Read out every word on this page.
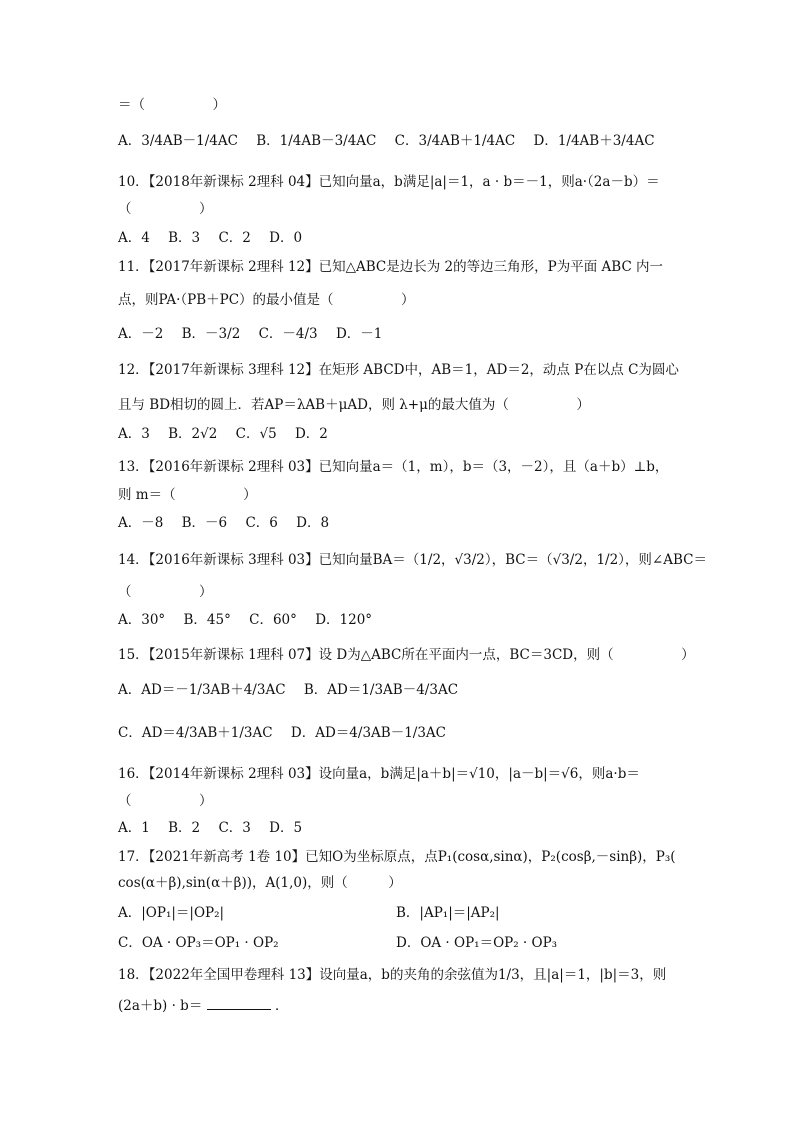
＝（　　　　　）
A．3/4AB－1/4AC B．1/4AB－3/4AC C．3/4AB＋1/4AC D．1/4AB＋3/4AC
10．【2018年新课标 2理科 04】已知向量a，b满足|a|＝1，a · b＝－1，则a·（2a－b）＝
（　　　　　）
A．4 B．3 C．2 D．0
11．【2017年新课标 2理科 12】已知△ABC是边长为 2的等边三角形，P为平面 ABC 内一
点，则PA·（PB＋PC）的最小值是（　　　　　）
A．－2 B．－3/2 C．－4/3 D．－1
12．【2017年新课标 3理科 12】在矩形 ABCD中，AB＝1，AD＝2，动点 P在以点 C为圆心
且与 BD相切的圆上．若AP＝λAB＋μAD，则 λ+μ的最大值为（　　　　　）
A．3 B．2√2 C．√5 D．2
13．【2016年新课标 2理科 03】已知向量a＝（1，m），b＝（3，－2），且（a＋b）⊥b，
则 m＝（　　　　　）
A．－8 B．－6 C．6 D．8
14．【2016年新课标 3理科 03】已知向量BA＝（1/2，√3/2），BC＝（√3/2，1/2），则∠ABC＝
（　　　　　）
A．30° B．45° C．60° D．120°
15．【2015年新课标 1理科 07】设 D为△ABC所在平面内一点，BC＝3CD，则（　　　　　）
A．AD＝－1/3AB＋4/3AC B．AD＝1/3AB－4/3AC
C．AD＝4/3AB＋1/3AC D．AD＝4/3AB－1/3AC
16．【2014年新课标 2理科 03】设向量a，b满足|a＋b|＝√10，|a－b|＝√6，则a·b＝
（　　　　　）
A．1 B．2 C．3 D．5
17．【2021年新高考 1卷 10】已知O为坐标原点，点P₁(cosα,sinα)，P₂(cosβ,－sinβ)，P₃(
cos(α＋β),sin(α＋β))，A(1,0)，则（　　　）
A．|OP₁|＝|OP₂|	B．|AP₁|＝|AP₂|
C．OA · OP₃＝OP₁ · OP₂	D．OA · OP₁＝OP₂ · OP₃
18．【2022年全国甲卷理科 13】设向量a，b的夹角的余弦值为1/3，且|a|＝1，|b|＝3，则
(2a＋b) · b＝	．
